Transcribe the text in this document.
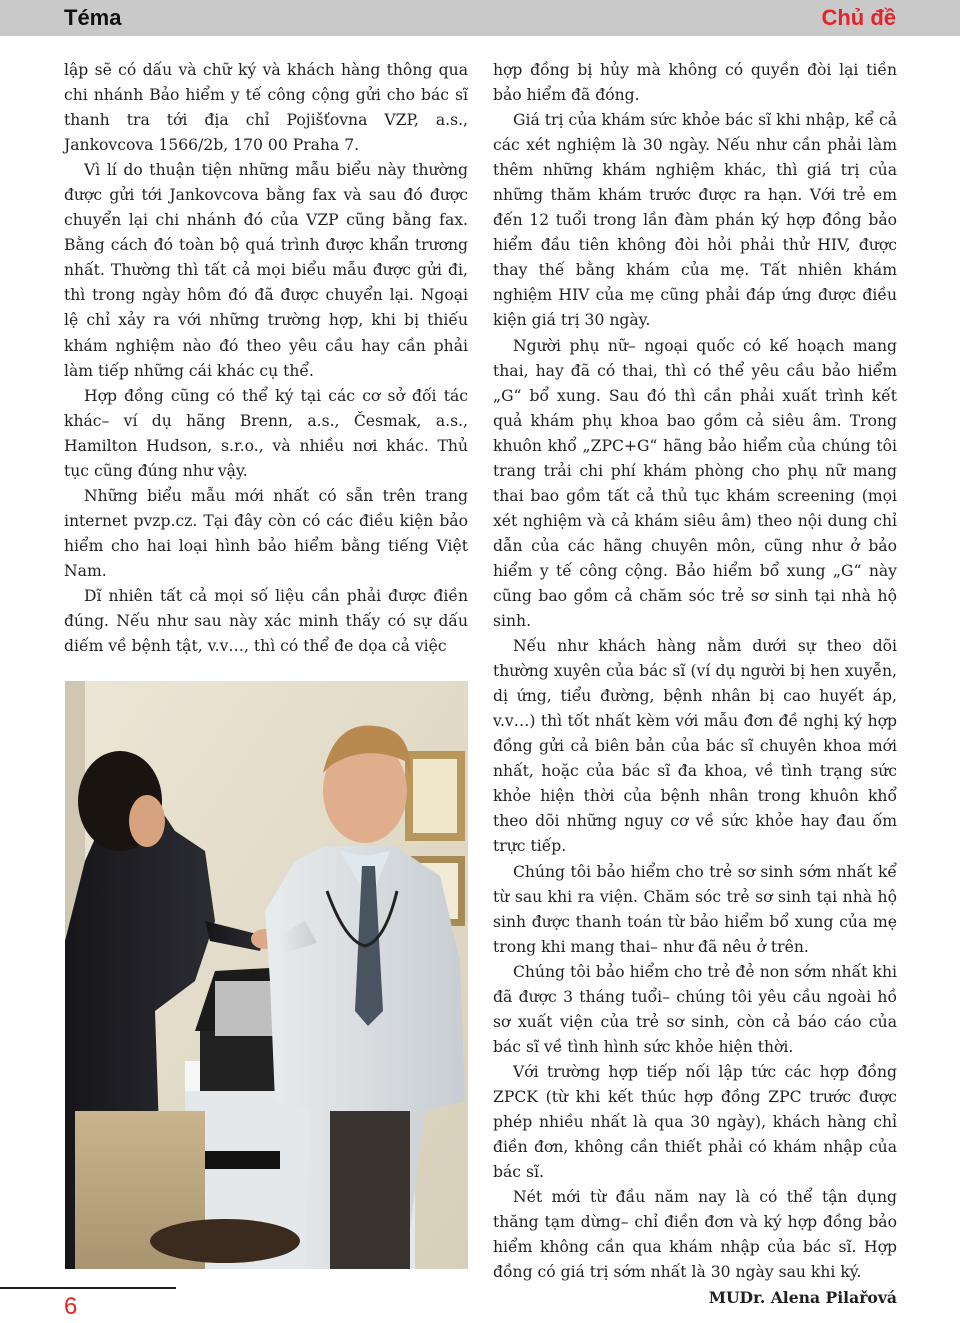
Téma	Chủ đề

lập sẽ có dấu và chữ ký và khách hàng thông qua chi nhánh Bảo hiểm y tế công cộng gửi cho bác sĩ thanh tra tới địa chỉ Pojišťovna VZP, a.s., Jankovcova 1566/2b, 170 00 Praha 7.

Vì lí do thuận tiện những mẫu biểu này thường được gửi tới Jankovcova bằng fax và sau đó được chuyển lại chi nhánh đó của VZP cũng bằng fax. Bằng cách đó toàn bộ quá trình được khẩn trương nhất. Thường thì tất cả mọi biểu mẫu được gửi đi, thì trong ngày hôm đó đã được chuyển lại. Ngoại lệ chỉ xảy ra với những trường hợp, khi bị thiếu khám nghiệm nào đó theo yêu cầu hay cần phải làm tiếp những cái khác cụ thể.

Hợp đồng cũng có thể ký tại các cơ sở đối tác khác– ví dụ hãng Brenn, a.s., Česmak, a.s., Hamilton Hudson, s.r.o., và nhiều nơi khác. Thủ tục cũng đúng như vậy.

Những biểu mẫu mới nhất có sẵn trên trang internet pvzp.cz. Tại đây còn có các điều kiện bảo hiểm cho hai loại hình bảo hiểm bằng tiếng Việt Nam.

Dĩ nhiên tất cả mọi số liệu cần phải được điền đúng. Nếu như sau này xác minh thấy có sự dấu diếm về bệnh tật, v.v…, thì có thể đe dọa cả việc

hợp đồng bị hủy mà không có quyền đòi lại tiền bảo hiểm đã đóng.

Giá trị của khám sức khỏe bác sĩ khi nhập, kể cả các xét nghiệm là 30 ngày. Nếu như cần phải làm thêm những khám nghiệm khác, thì giá trị của những thăm khám trước được ra hạn. Với trẻ em đến 12 tuổi trong lần đàm phán ký hợp đồng bảo hiểm đầu tiên không đòi hỏi phải thử HIV, được thay thế bằng khám của mẹ. Tất nhiên khám nghiệm HIV của mẹ cũng phải đáp ứng được điều kiện giá trị 30 ngày.

Người phụ nữ– ngoại quốc có kế hoạch mang thai, hay đã có thai, thì có thể yêu cầu bảo hiểm „G“ bổ xung. Sau đó thì cần phải xuất trình kết quả khám phụ khoa bao gồm cả siêu âm. Trong khuôn khổ „ZPC+G“ hãng bảo hiểm của chúng tôi trang trải chi phí khám phòng cho phụ nữ mang thai bao gồm tất cả thủ tục khám screening (mọi xét nghiệm và cả khám siêu âm) theo nội dung chỉ dẫn của các hãng chuyên môn, cũng như ở bảo hiểm y tế công cộng. Bảo hiểm bổ xung „G“ này cũng bao gồm cả chăm sóc trẻ sơ sinh tại nhà hộ sinh.

Nếu như khách hàng nằm dưới sự theo dõi thường xuyên của bác sĩ (ví dụ người bị hen xuyễn, dị ứng, tiểu đường, bệnh nhân bị cao huyết áp, v.v…) thì tốt nhất kèm với mẫu đơn đề nghị ký hợp đồng gửi cả biên bản của bác sĩ chuyên khoa mới nhất, hoặc của bác sĩ đa khoa, về tình trạng sức khỏe hiện thời của bệnh nhân trong khuôn khổ theo dõi những nguy cơ về sức khỏe hay đau ốm trực tiếp.

Chúng tôi bảo hiểm cho trẻ sơ sinh sớm nhất kể từ sau khi ra viện. Chăm sóc trẻ sơ sinh tại nhà hộ sinh được thanh toán từ bảo hiểm bổ xung của mẹ trong khi mang thai– như đã nêu ở trên.

Chúng tôi bảo hiểm cho trẻ đẻ non sớm nhất khi đã được 3 tháng tuổi– chúng tôi yêu cầu ngoài hồ sơ xuất viện của trẻ sơ sinh, còn cả báo cáo của bác sĩ về tình hình sức khỏe hiện thời.

Với trường hợp tiếp nối lập tức các hợp đồng ZPCK (từ khi kết thúc hợp đồng ZPC trước được phép nhiều nhất là qua 30 ngày), khách hàng chỉ điền đơn, không cần thiết phải có khám nhập của bác sĩ.

Nét mới từ đầu năm nay là có thể tận dụng thăng tạm dừng– chỉ điền đơn và ký hợp đồng bảo hiểm không cần qua khám nhập của bác sĩ. Hợp đồng có giá trị sớm nhất là 30 ngày sau khi ký.

MUDr. Alena Pilařová

6
